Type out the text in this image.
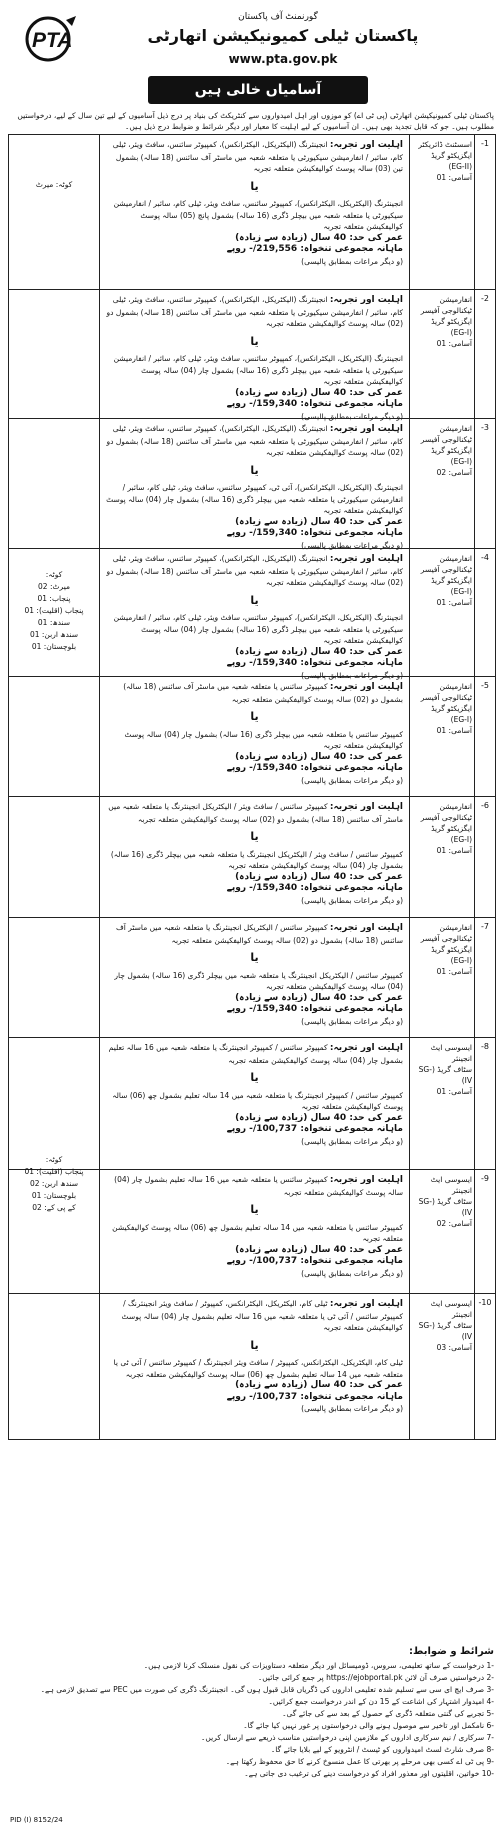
PTA
گورنمنٹ آف پاکستان
پاکستان ٹیلی کمیونیکیشن اتھارٹی
www.pta.gov.pk
آسامیاں خالی ہیں
پاکستان ٹیلی کمیونیکیشن اتھارٹی (پی ٹی اے) کو موزوں اور اہل امیدواروں سے کنٹریکٹ کی بنیاد پر درج ذیل آسامیوں کے لیے تین سال کے لیے، درخواستیں مطلوب ہیں۔ جو کہ قابل تجدید بھی ہیں۔ ان آسامیوں کے لیے اہلیت کا معیار اور دیگر شرائط و ضوابط درج ذیل ہیں۔
-1
اسسٹنٹ ڈائریکٹر
ایگزیکٹو گریڈ (EG-II)
آسامی: 01
اہلیت اور تجربہ: انجینئرنگ (الیکٹریکل، الیکٹرانکس)، کمپیوٹر سائنس، سافٹ ویئر، ٹیلی کام، سائبر / انفارمیشن سیکیورٹی یا متعلقہ شعبہ میں ماسٹر آف سائنس (18 سالہ) بشمول تین (03) سالہ پوسٹ کوالیفکیشن متعلقہ تجربہ
یا
انجینئرنگ (الیکٹریکل، الیکٹرانکس)، کمپیوٹر سائنس، سافٹ ویئر، ٹیلی کام، سائبر / انفارمیشن سیکیورٹی یا متعلقہ شعبہ میں بیچلر ڈگری (16 سالہ) بشمول پانچ (05) سالہ پوسٹ کوالیفکیشن متعلقہ تجربہ
عمر کی حد: 40 سال (زیادہ سے زیادہ)
ماہانہ مجموعی تنخواہ: 219,556/- روپے
(و دیگر مراعات بمطابق پالیسی)
کوٹہ: میرٹ
-2
انفارمیشن ٹیکنالوجی آفیسر
ایگزیکٹو گریڈ (EG-I)
آسامی: 01
اہلیت اور تجربہ: انجینئرنگ (الیکٹریکل، الیکٹرانکس)، کمپیوٹر سائنس، سافٹ ویئر، ٹیلی کام، سائبر / انفارمیشن سیکیورٹی یا متعلقہ شعبہ میں ماسٹر آف سائنس (18 سالہ) بشمول دو (02) سالہ پوسٹ کوالیفکیشن متعلقہ تجربہ
یا
انجینئرنگ (الیکٹریکل، الیکٹرانکس)، کمپیوٹر سائنس، سافٹ ویئر، ٹیلی کام، سائبر / انفارمیشن سیکیورٹی یا متعلقہ شعبہ میں بیچلر ڈگری (16 سالہ) بشمول چار (04) سالہ پوسٹ کوالیفکیشن متعلقہ تجربہ
عمر کی حد: 40 سال (زیادہ سے زیادہ)
ماہانہ مجموعی تنخواہ: 159,340/- روپے
(و دیگر مراعات بمطابق پالیسی)
-3
انفارمیشن ٹیکنالوجی آفیسر
ایگزیکٹو گریڈ (EG-I)
آسامی: 02
اہلیت اور تجربہ: انجینئرنگ (الیکٹریکل، الیکٹرانکس)، کمپیوٹر سائنس، سافٹ ویئر، ٹیلی کام، سائبر / انفارمیشن سیکیورٹی یا متعلقہ شعبہ میں ماسٹر آف سائنس (18 سالہ) بشمول دو (02) سالہ پوسٹ کوالیفکیشن متعلقہ تجربہ
یا
انجینئرنگ (الیکٹریکل، الیکٹرانکس)، آئی ٹی، کمپیوٹر سائنس، سافٹ ویئر، ٹیلی کام، سائبر / انفارمیشن سیکیورٹی یا متعلقہ شعبہ میں بیچلر ڈگری (16 سالہ) بشمول چار (04) سالہ پوسٹ کوالیفکیشن متعلقہ تجربہ
عمر کی حد: 40 سال (زیادہ سے زیادہ)
ماہانہ مجموعی تنخواہ: 159,340/- روپے
(و دیگر مراعات بمطابق پالیسی)
-4
انفارمیشن ٹیکنالوجی آفیسر
ایگزیکٹو گریڈ (EG-I)
آسامی: 01
اہلیت اور تجربہ: انجینئرنگ (الیکٹریکل، الیکٹرانکس)، کمپیوٹر سائنس، سافٹ ویئر، ٹیلی کام، سائبر / انفارمیشن سیکیورٹی یا متعلقہ شعبہ میں ماسٹر آف سائنس (18 سالہ) بشمول دو (02) سالہ پوسٹ کوالیفکیشن متعلقہ تجربہ
یا
انجینئرنگ (الیکٹریکل، الیکٹرانکس)، کمپیوٹر سائنس، سافٹ ویئر، ٹیلی کام، سائبر / انفارمیشن سیکیورٹی یا متعلقہ شعبہ میں بیچلر ڈگری (16 سالہ) بشمول چار (04) سالہ پوسٹ کوالیفکیشن متعلقہ تجربہ
عمر کی حد: 40 سال (زیادہ سے زیادہ)
ماہانہ مجموعی تنخواہ: 159,340/- روپے
(و دیگر مراعات بمطابق پالیسی)
کوٹہ:
میرٹ: 02
پنجاب: 01
پنجاب (اقلیت): 01
سندھ: 01
سندھ اربن: 01
بلوچستان: 01
-5
انفارمیشن ٹیکنالوجی آفیسر
ایگزیکٹو گریڈ (EG-I)
آسامی: 01
اہلیت اور تجربہ: کمپیوٹر سائنس یا متعلقہ شعبہ میں ماسٹر آف سائنس (18 سالہ) بشمول دو (02) سالہ پوسٹ کوالیفکیشن متعلقہ تجربہ
یا
کمپیوٹر سائنس یا متعلقہ شعبہ میں بیچلر ڈگری (16 سالہ) بشمول چار (04) سالہ پوسٹ کوالیفکیشن متعلقہ تجربہ
عمر کی حد: 40 سال (زیادہ سے زیادہ)
ماہانہ مجموعی تنخواہ: 159,340/- روپے
(و دیگر مراعات بمطابق پالیسی)
-6
انفارمیشن ٹیکنالوجی آفیسر
ایگزیکٹو گریڈ (EG-I)
آسامی: 01
اہلیت اور تجربہ: کمپیوٹر سائنس / سافٹ ویئر / الیکٹریکل انجینئرنگ یا متعلقہ شعبہ میں ماسٹر آف سائنس (18 سالہ) بشمول دو (02) سالہ پوسٹ کوالیفکیشن متعلقہ تجربہ
یا
کمپیوٹر سائنس / سافٹ ویئر / الیکٹریکل انجینئرنگ یا متعلقہ شعبہ میں بیچلر ڈگری (16 سالہ) بشمول چار (04) سالہ پوسٹ کوالیفکیشن متعلقہ تجربہ
عمر کی حد: 40 سال (زیادہ سے زیادہ)
ماہانہ مجموعی تنخواہ: 159,340/- روپے
(و دیگر مراعات بمطابق پالیسی)
-7
انفارمیشن ٹیکنالوجی آفیسر
ایگزیکٹو گریڈ (EG-I)
آسامی: 01
اہلیت اور تجربہ: کمپیوٹر سائنس / الیکٹریکل انجینئرنگ یا متعلقہ شعبہ میں ماسٹر آف سائنس (18 سالہ) بشمول دو (02) سالہ پوسٹ کوالیفکیشن متعلقہ تجربہ
یا
کمپیوٹر سائنس / الیکٹریکل انجینئرنگ یا متعلقہ شعبہ میں بیچلر ڈگری (16 سالہ) بشمول چار (04) سالہ پوسٹ کوالیفکیشن متعلقہ تجربہ
عمر کی حد: 40 سال (زیادہ سے زیادہ)
ماہانہ مجموعی تنخواہ: 159,340/- روپے
(و دیگر مراعات بمطابق پالیسی)
-8
ایسوسی ایٹ انجینئر
سٹاف گریڈ (SG-IV)
آسامی: 01
اہلیت اور تجربہ: کمپیوٹر سائنس / کمپیوٹر انجینئرنگ یا متعلقہ شعبہ میں 16 سالہ تعلیم بشمول چار (04) سالہ پوسٹ کوالیفکیشن متعلقہ تجربہ
یا
کمپیوٹر سائنس / کمپیوٹر انجینئرنگ یا متعلقہ شعبہ میں 14 سالہ تعلیم بشمول چھ (06) سالہ پوسٹ کوالیفکیشن متعلقہ تجربہ
عمر کی حد: 40 سال (زیادہ سے زیادہ)
ماہانہ مجموعی تنخواہ: 100,737/- روپے
(و دیگر مراعات بمطابق پالیسی)
-9
ایسوسی ایٹ انجینئر
سٹاف گریڈ (SG-IV)
آسامی: 02
اہلیت اور تجربہ: کمپیوٹر سائنس یا متعلقہ شعبہ میں 16 سالہ تعلیم بشمول چار (04) سالہ پوسٹ کوالیفکیشن متعلقہ تجربہ
یا
کمپیوٹر سائنس یا متعلقہ شعبہ میں 14 سالہ تعلیم بشمول چھ (06) سالہ پوسٹ کوالیفکیشن متعلقہ تجربہ
عمر کی حد: 40 سال (زیادہ سے زیادہ)
ماہانہ مجموعی تنخواہ: 100,737/- روپے
(و دیگر مراعات بمطابق پالیسی)
کوٹہ:
پنجاب (اقلیت): 01
سندھ اربن: 02
بلوچستان: 01
کے پی کے: 02
-10
ایسوسی ایٹ انجینئر
سٹاف گریڈ (SG-IV)
آسامی: 03
اہلیت اور تجربہ: ٹیلی کام، الیکٹریکل، الیکٹرانکس، کمپیوٹر / سافٹ ویئر انجینئرنگ / کمپیوٹر سائنس / آئی ٹی یا متعلقہ شعبہ میں 16 سالہ تعلیم بشمول چار (04) سالہ پوسٹ کوالیفکیشن متعلقہ تجربہ
یا
ٹیلی کام، الیکٹریکل، الیکٹرانکس، کمپیوٹر / سافٹ ویئر انجینئرنگ / کمپیوٹر سائنس / آئی ٹی یا متعلقہ شعبہ میں 14 سالہ تعلیم بشمول چھ (06) سالہ پوسٹ کوالیفکیشن متعلقہ تجربہ
عمر کی حد: 40 سال (زیادہ سے زیادہ)
ماہانہ مجموعی تنخواہ: 100,737/- روپے
(و دیگر مراعات بمطابق پالیسی)
شرائط و ضوابط:
-1 درخواست کے ساتھ تعلیمی، سروس، ڈومیسائل اور دیگر متعلقہ دستاویزات کی نقول منسلک کرنا لازمی ہیں۔
-2 درخواستیں صرف آن لائن https://ejobportal.pk پر جمع کرائی جائیں۔
-3 صرف ایچ ای سی سے تسلیم شدہ تعلیمی اداروں کی ڈگریاں قابل قبول ہوں گی۔ انجینئرنگ ڈگری کی صورت میں PEC سے تصدیق لازمی ہے۔
-4 امیدوار اشتہار کی اشاعت کے 15 دن کے اندر درخواست جمع کرائیں۔
-5 تجربے کی گنتی متعلقہ ڈگری کے حصول کے بعد سے کی جائے گی۔
-6 نامکمل اور تاخیر سے موصول ہونے والی درخواستوں پر غور نہیں کیا جائے گا۔
-7 سرکاری / نیم سرکاری اداروں کے ملازمین اپنی درخواستیں مناسب ذریعے سے ارسال کریں۔
-8 صرف شارٹ لسٹ امیدواروں کو ٹیسٹ / انٹرویو کے لیے بلایا جائے گا۔
-9 پی ٹی اے کسی بھی مرحلے پر بھرتی کا عمل منسوخ کرنے کا حق محفوظ رکھتا ہے۔
-10 خواتین، اقلیتوں اور معذور افراد کو درخواست دینے کی ترغیب دی جاتی ہے۔
PID (I) 8152/24
